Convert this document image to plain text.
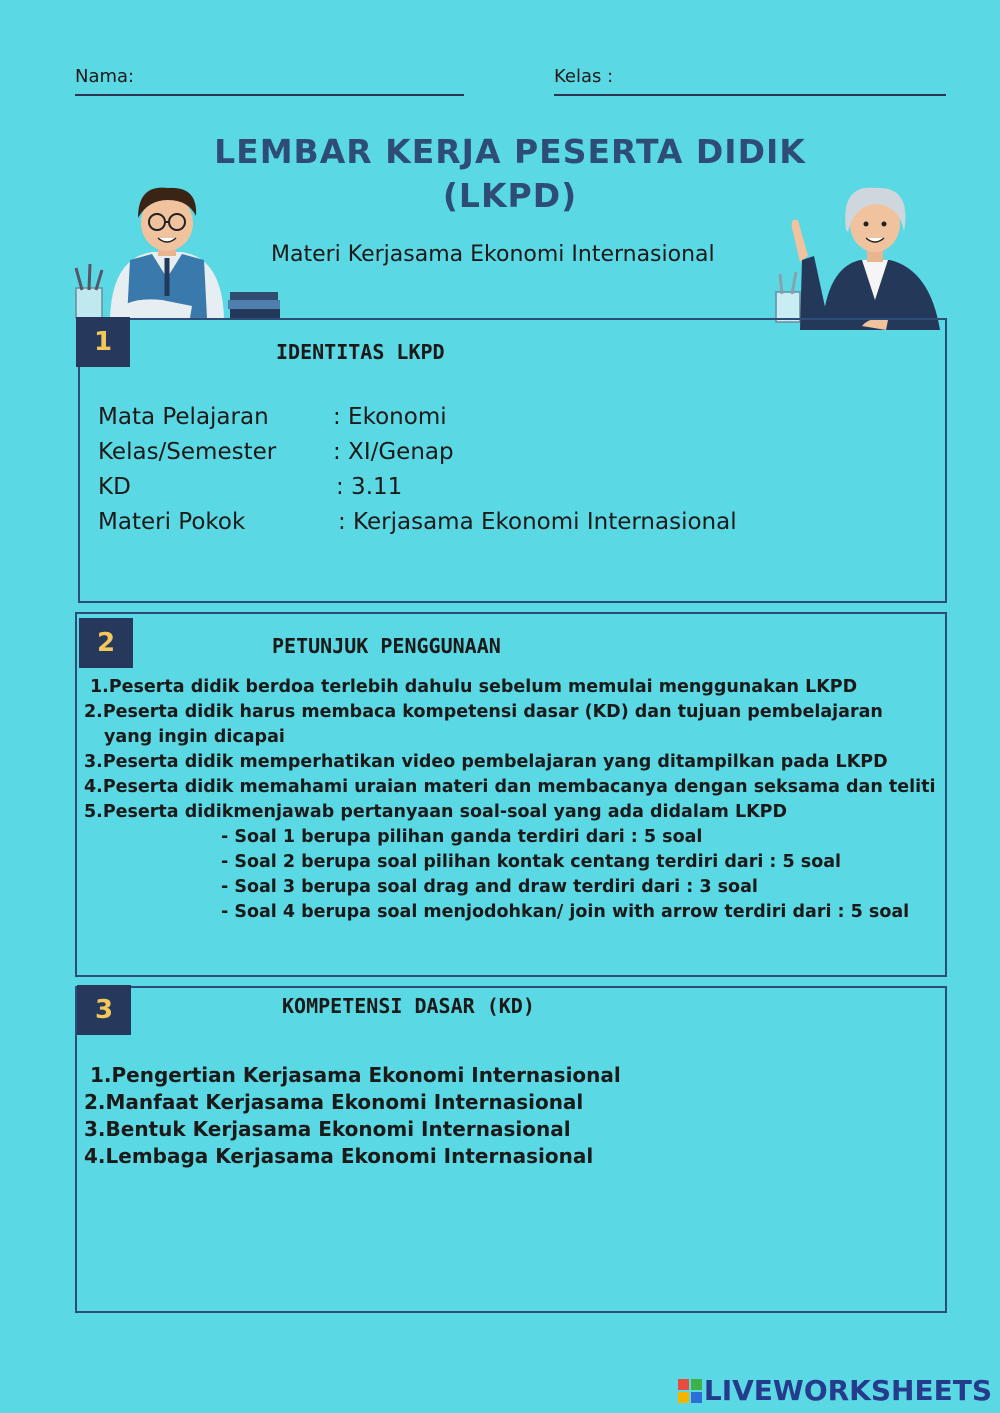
Nama:	Kelas :
LEMBAR KERJA PESERTA DIDIK
(LKPD)
Materi Kerjasama Ekonomi Internasional
1	IDENTITAS LKPD
Mata Pelajaran	: Ekonomi
Kelas/Semester : XI/Genap
KD	: 3.11
Materi Pokok	: Kerjasama Ekonomi Internasional
2	PETUNJUK PENGGUNAAN
1.Peserta didik berdoa terlebih dahulu sebelum memulai menggunakan LKPD
2.Peserta didik harus membaca kompetensi dasar (KD) dan tujuan pembelajaran
yang ingin dicapai
3.Peserta didik memperhatikan video pembelajaran yang ditampilkan pada LKPD
4.Peserta didik memahami uraian materi dan membacanya dengan seksama dan teliti
5.Peserta didikmenjawab pertanyaan soal-soal yang ada didalam LKPD
- Soal 1 berupa pilihan ganda terdiri dari : 5 soal
- Soal 2 berupa soal pilihan kontak centang terdiri dari : 5 soal
- Soal 3 berupa soal drag and draw terdiri dari : 3 soal
- Soal 4 berupa soal menjodohkan/ join with arrow terdiri dari : 5 soal
3	KOMPETENSI DASAR (KD)
1.Pengertian Kerjasama Ekonomi Internasional
2.Manfaat Kerjasama Ekonomi Internasional
3.Bentuk Kerjasama Ekonomi Internasional
4.Lembaga Kerjasama Ekonomi Internasional
LIVEWORKSHEETS
